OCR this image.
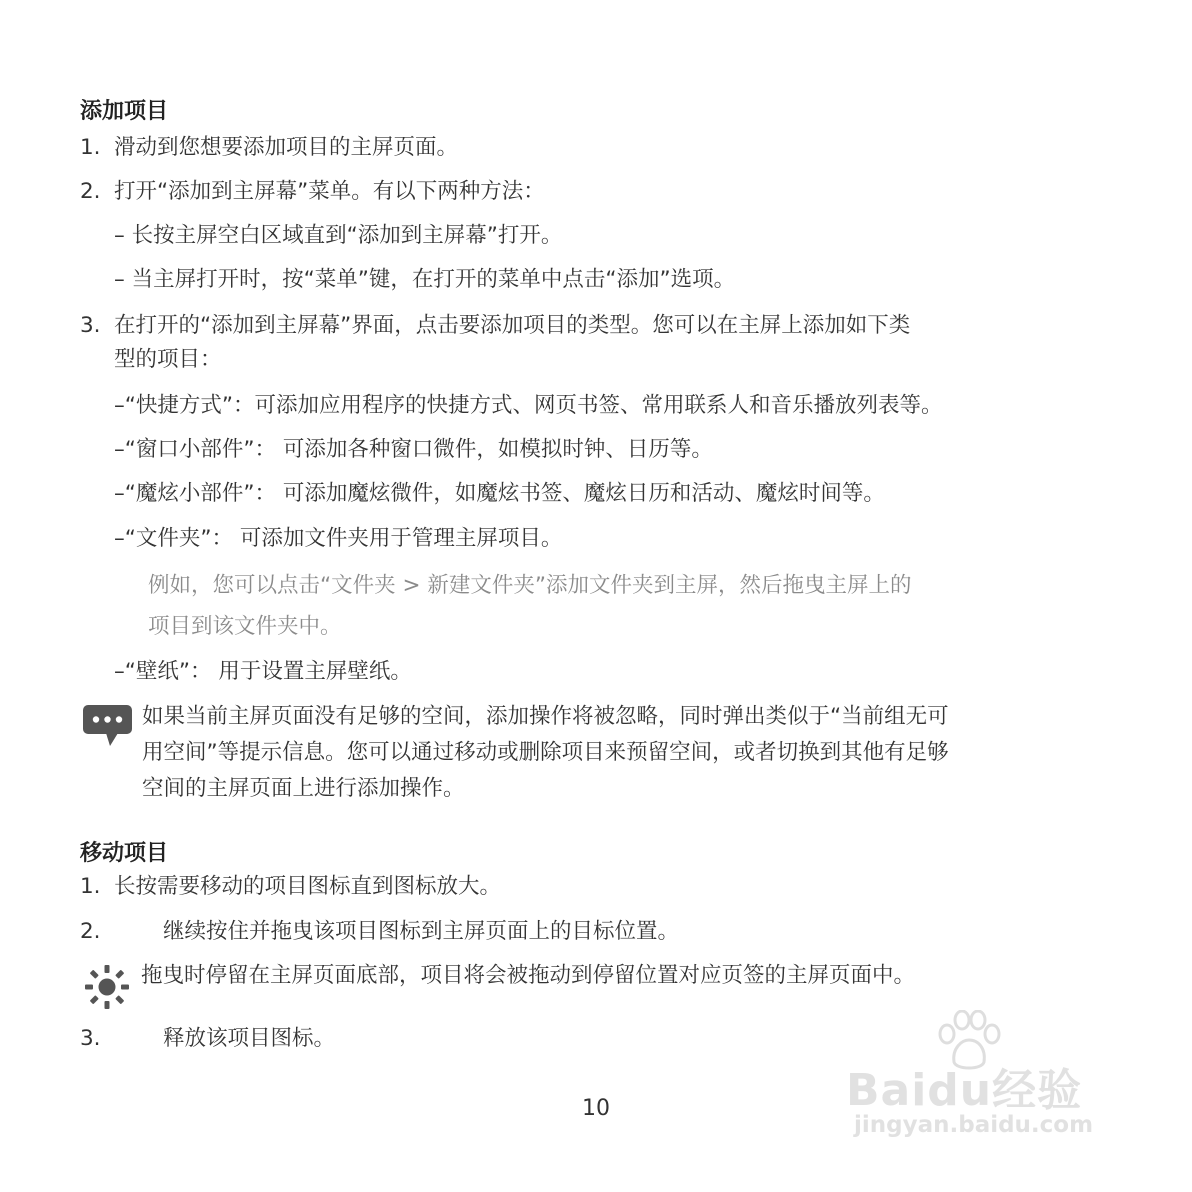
添加项目
1. 滑动到您想要添加项目的主屏页面。
2. 打开“添加到主屏幕”菜单。有以下两种方法：
– 长按主屏空白区域直到“添加到主屏幕”打开。
– 当主屏打开时，按“菜单”键，在打开的菜单中点击“添加”选项。
3. 在打开的“添加到主屏幕”界面，点击要添加项目的类型。您可以在主屏上添加如下类
型的项目：
–“快捷方式”：可添加应用程序的快捷方式、网页书签、常用联系人和音乐播放列表等。
–“窗口小部件”： 可添加各种窗口微件，如模拟时钟、日历等。
–“魔炫小部件”： 可添加魔炫微件，如魔炫书签、魔炫日历和活动、魔炫时间等。
–“文件夹”： 可添加文件夹用于管理主屏项目。
例如，您可以点击“文件夹 > 新建文件夹”添加文件夹到主屏，然后拖曳主屏上的
项目到该文件夹中。
–“壁纸”： 用于设置主屏壁纸。
如果当前主屏页面没有足够的空间，添加操作将被忽略，同时弹出类似于“当前组无可
用空间”等提示信息。您可以通过移动或删除项目来预留空间，或者切换到其他有足够
空间的主屏页面上进行添加操作。
移动项目
1. 长按需要移动的项目图标直到图标放大。
2.	继续按住并拖曳该项目图标到主屏页面上的目标位置。
拖曳时停留在主屏页面底部，项目将会被拖动到停留位置对应页签的主屏页面中。
3.	释放该项目图标。
10	Baidu经验
jingyan.baidu.com
